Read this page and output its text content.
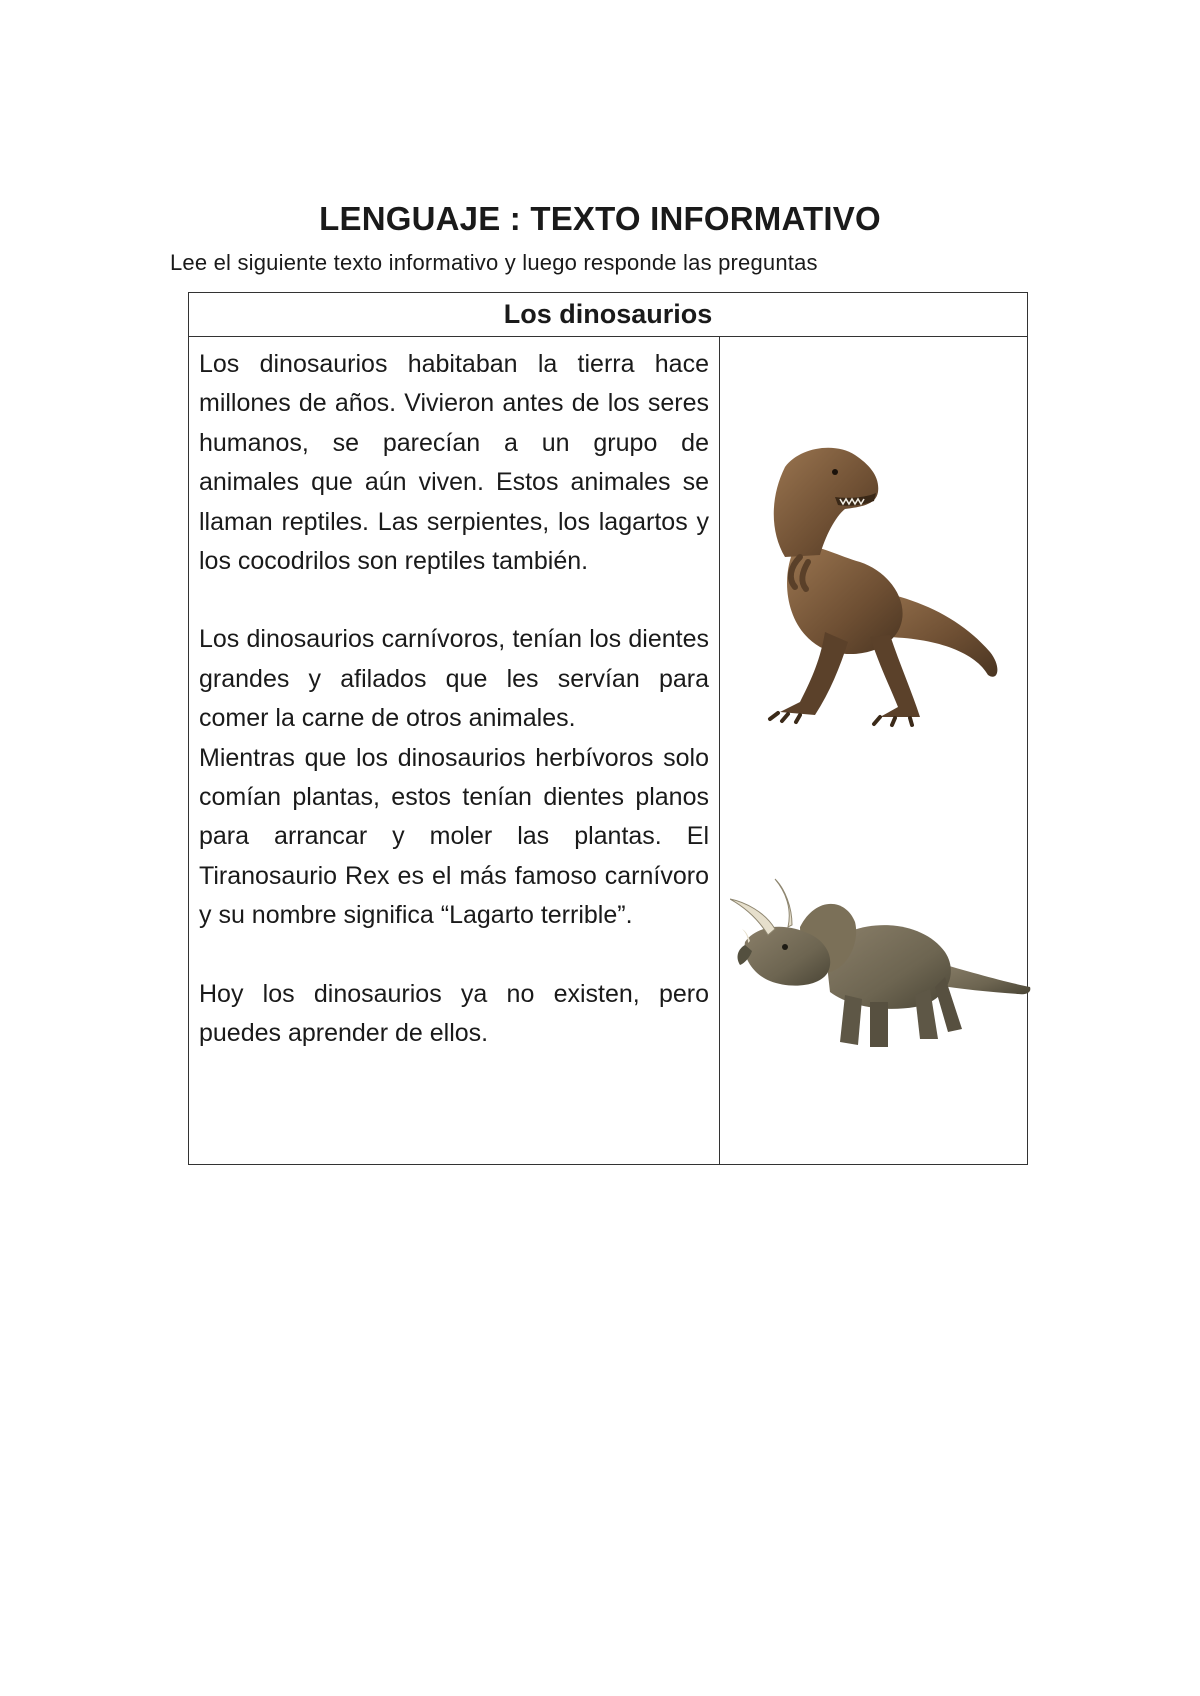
LENGUAJE : TEXTO INFORMATIVO
Lee el siguiente texto informativo y luego responde las preguntas
Los dinosaurios

Los dinosaurios habitaban la tierra hace millones de años. Vivieron antes de los seres humanos, se parecían a un grupo de animales que aún viven. Estos animales se llaman reptiles. Las serpientes, los lagartos y los cocodrilos son reptiles también.

Los dinosaurios carnívoros, tenían los dientes grandes y afilados que les servían para comer la carne de otros animales.

Mientras que los dinosaurios herbívoros solo comían plantas, estos tenían dientes planos para arrancar y moler las plantas. El Tiranosaurio Rex es el más famoso carnívoro y su nombre significa “Lagarto terrible”.

Hoy los dinosaurios ya no existen, pero puedes aprender de ellos.
